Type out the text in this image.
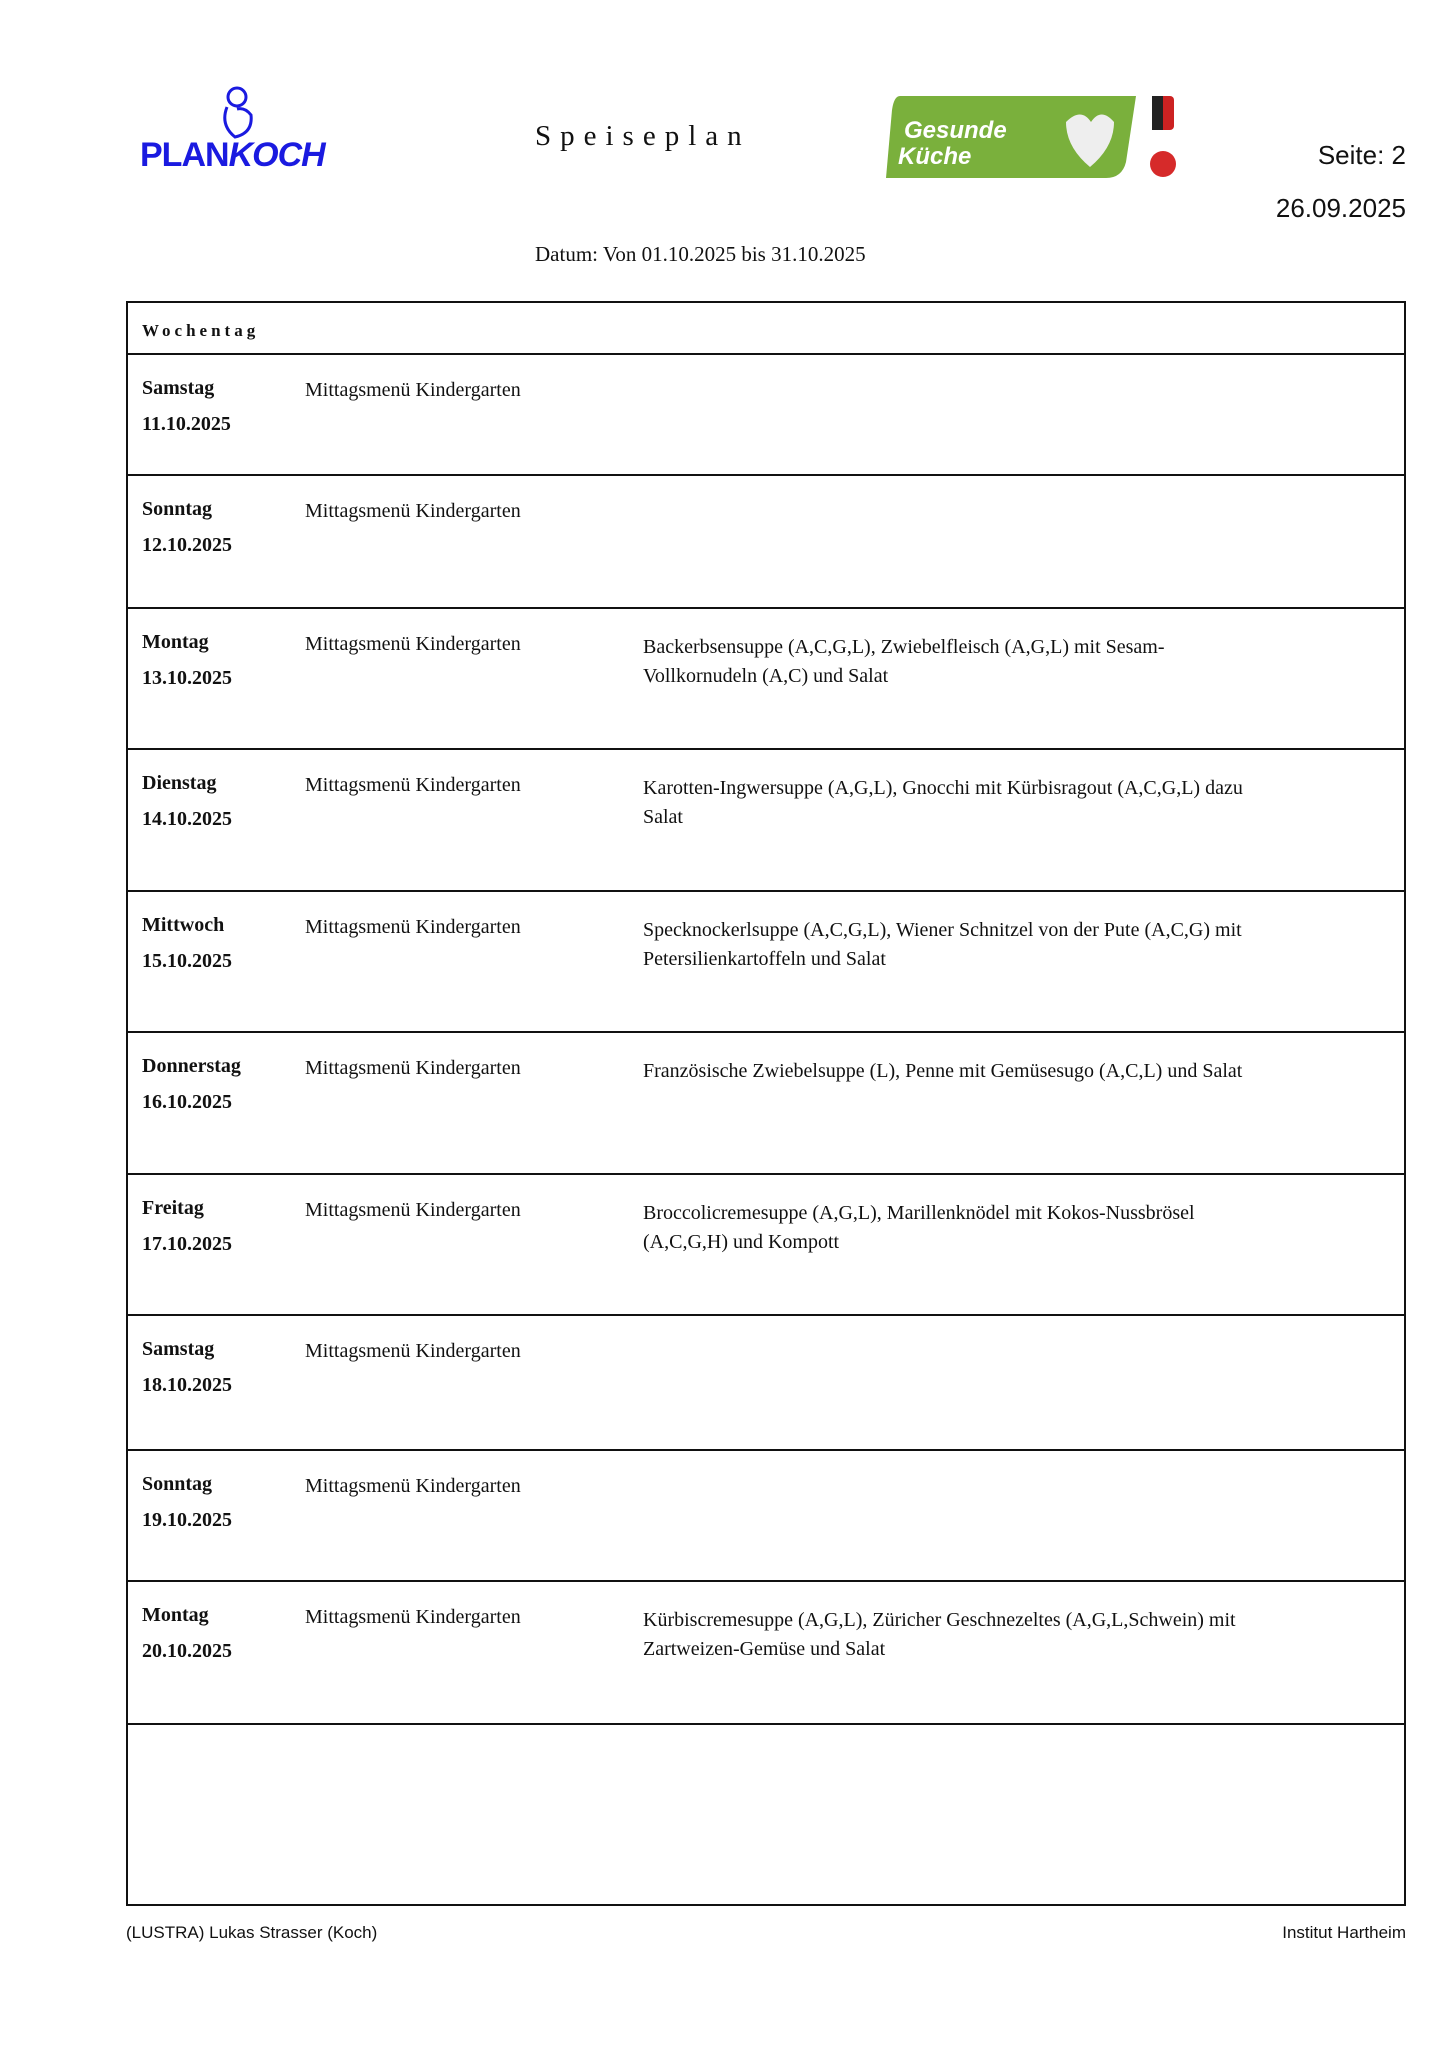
PLANKOCH	Speiseplan	Gesunde
Küche	Seite: 2
26.09.2025
Datum: Von 01.10.2025 bis 31.10.2025
Wochentag
Samstag
11.10.2025
Mittagsmenü Kindergarten
Sonntag
12.10.2025
Mittagsmenü Kindergarten
Montag
13.10.2025
Mittagsmenü Kindergarten	Backerbsensuppe (A,C,G,L), Zwiebelfleisch (A,G,L) mit Sesam-Vollkornudeln (A,C) und Salat
Dienstag
14.10.2025
Mittagsmenü Kindergarten	Karotten-Ingwersuppe (A,G,L), Gnocchi mit Kürbisragout (A,C,G,L) dazu Salat
Mittwoch
15.10.2025
Mittagsmenü Kindergarten	Specknockerlsuppe (A,C,G,L), Wiener Schnitzel von der Pute (A,C,G) mit Petersilienkartoffeln und Salat
Donnerstag
16.10.2025
Mittagsmenü Kindergarten	Französische Zwiebelsuppe (L), Penne mit Gemüsesugo (A,C,L) und Salat
Freitag
17.10.2025
Mittagsmenü Kindergarten	Broccolicremesuppe (A,G,L), Marillenknödel mit Kokos-Nussbrösel (A,C,G,H) und Kompott
Samstag
18.10.2025
Mittagsmenü Kindergarten
Sonntag
19.10.2025
Mittagsmenü Kindergarten
Montag
20.10.2025
Mittagsmenü Kindergarten	Kürbiscremesuppe (A,G,L), Züricher Geschnezeltes (A,G,L,Schwein) mit Zartweizen-Gemüse und Salat
(LUSTRA) Lukas Strasser (Koch)	Institut Hartheim
